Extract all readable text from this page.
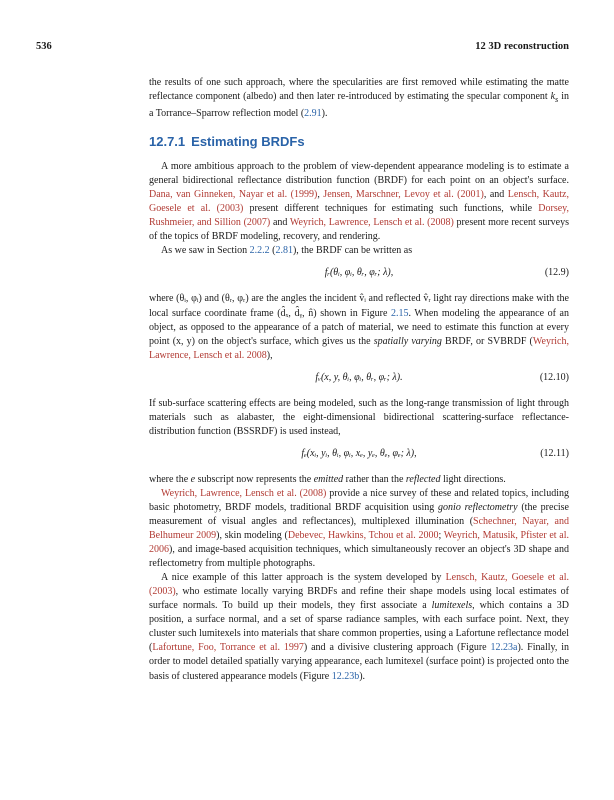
536	12 3D reconstruction

the results of one such approach, where the specularities are first removed while estimating the matte reflectance component (albedo) and then later re-introduced by estimating the specular component $k_s$ in a Torrance–Sparrow reflection model (2.91).

12.7.1 Estimating BRDFs

A more ambitious approach to the problem of view-dependent appearance modeling is to estimate a general bidirectional reflectance distribution function (BRDF) for each point on an object's surface. Dana, van Ginneken, Nayar et al. (1999), Jensen, Marschner, Levoy et al. (2001), and Lensch, Kautz, Goesele et al. (2003) present different techniques for estimating such functions, while Dorsey, Rushmeier, and Sillion (2007) and Weyrich, Lawrence, Lensch et al. (2008) present more recent surveys of the topics of BRDF modeling, recovery, and rendering.

As we saw in Section 2.2.2 (2.81), the BRDF can be written as

fᵣ(θᵢ, φᵢ, θᵣ, φᵣ; λ),	(12.9)

where (θᵢ, φᵢ) and (θᵣ, φᵣ) are the angles the incident v̂ᵢ and reflected v̂ᵣ light ray directions make with the local surface coordinate frame (d̂ₓ, d̂ᵧ, n̂) shown in Figure 2.15. When modeling the appearance of an object, as opposed to the appearance of a patch of material, we need to estimate this function at every point (x, y) on the object's surface, which gives us the spatially varying BRDF, or SVBRDF (Weyrich, Lawrence, Lensch et al. 2008),

fᵥ(x, y, θᵢ, φᵢ, θᵣ, φᵣ; λ).	(12.10)

If sub-surface scattering effects are being modeled, such as the long-range transmission of light through materials such as alabaster, the eight-dimensional bidirectional scattering-surface reflectance-distribution function (BSSRDF) is used instead,

fₑ(xᵢ, yᵢ, θᵢ, φᵢ, xₑ, yₑ, θₑ, φₑ; λ),	(12.11)

where the e subscript now represents the emitted rather than the reflected light directions.

Weyrich, Lawrence, Lensch et al. (2008) provide a nice survey of these and related topics, including basic photometry, BRDF models, traditional BRDF acquisition using gonio reflectometry (the precise measurement of visual angles and reflectances), multiplexed illumination (Schechner, Nayar, and Belhumeur 2009), skin modeling (Debevec, Hawkins, Tchou et al. 2000; Weyrich, Matusik, Pfister et al. 2006), and image-based acquisition techniques, which simultaneously recover an object's 3D shape and reflectometry from multiple photographs.

A nice example of this latter approach is the system developed by Lensch, Kautz, Goesele et al. (2003), who estimate locally varying BRDFs and refine their shape models using local estimates of surface normals. To build up their models, they first associate a lumitexels, which contains a 3D position, a surface normal, and a set of sparse radiance samples, with each surface point. Next, they cluster such lumitexels into materials that share common properties, using a Lafortune reflectance model (Lafortune, Foo, Torrance et al. 1997) and a divisive clustering approach (Figure 12.23a). Finally, in order to model detailed spatially varying appearance, each lumitexel (surface point) is projected onto the basis of clustered appearance models (Figure 12.23b).
